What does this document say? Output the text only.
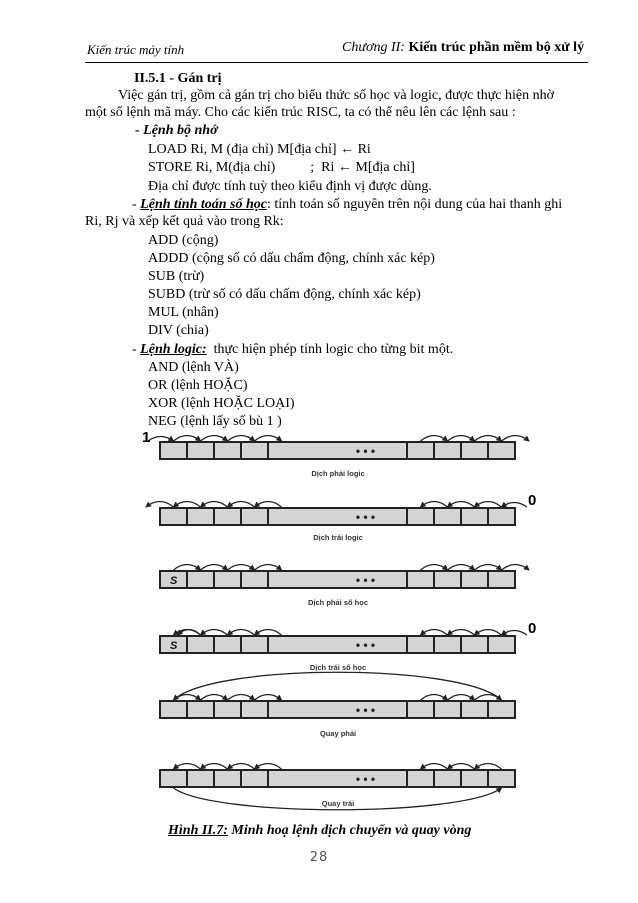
Kiến trúc máy tính	Chương II: Kiến trúc phần mềm bộ xử lý
II.5.1 - Gán trị
Việc gán trị, gồm cả gán trị cho biểu thức số học và logic, được thực hiện nhờ
một số lệnh mã máy. Cho các kiến trúc RISC, ta có thể nêu lên các lệnh sau :
- Lệnh bộ nhớ
LOAD Ri, M (địa chỉ) M[địa chỉ] ← Ri
STORE Ri, M(địa chỉ)          ;  Ri ← M[địa chỉ]
Địa chỉ được tính tuỳ theo kiểu định vị được dùng.
- Lệnh tính toán số học: tính toán số nguyên trên nội dung của hai thanh ghi
Ri, Rj và xếp kết quả vào trong Rk:
ADD (cộng)
ADDD (cộng số có dấu chấm động, chính xác kép)
SUB (trừ)
SUBD (trừ số có dấu chấm động, chính xác kép)
MUL (nhân)
DIV (chia)
- Lệnh logic:  thực hiện phép tính logic cho từng bit một.
AND (lệnh VÀ)
OR (lệnh HOẶC)
XOR (lệnh HOẶC LOẠI)
NEG (lệnh lấy số bù 1 )
• • •
• • •
• • •
S
• • •
S
• • •
• • •
1
0
0
Dịch phải logic
Dịch trái logic
Dịch phải số học
Dịch trái số học
Quay phải
Quay trái
Hình II.7: Minh hoạ lệnh dịch chuyển và quay vòng
28
